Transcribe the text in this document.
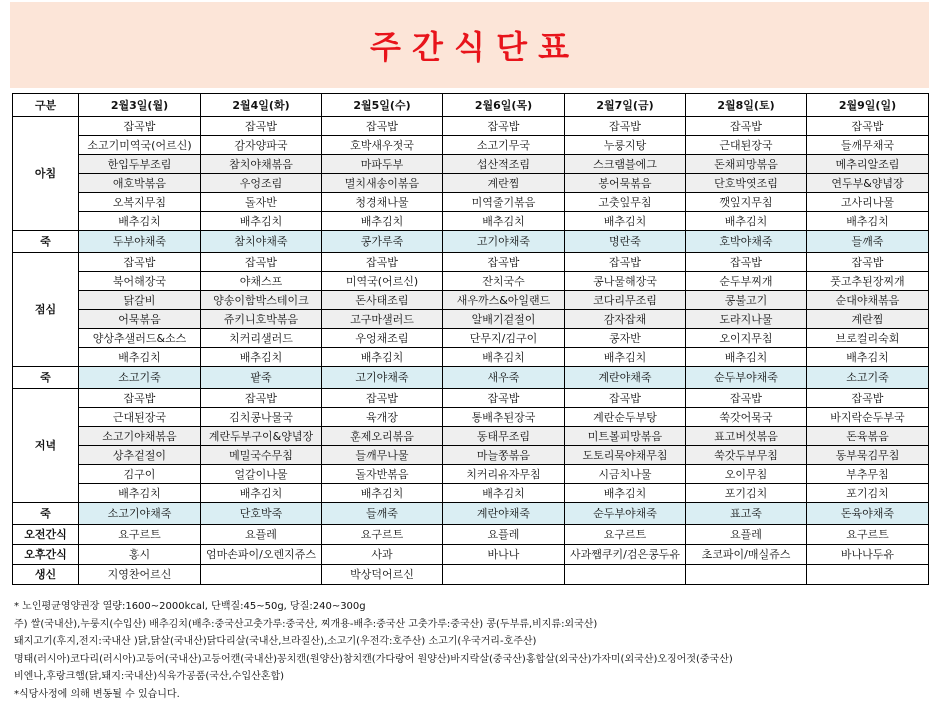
주 간 식 단 표
구분	2월3일(월)	2월4일(화)	2월5일(수)	2월6일(목)	2월7일(금)	2월8일(토)	2월9일(일)
아침	잡곡밥	잡곡밥	잡곡밥	잡곡밥	잡곡밥	잡곡밥	잡곡밥
	소고기미역국(어르신)	감자양파국	호박새우젓국	소고기무국	누룽지탕	근대된장국	들깨무채국
	한입두부조림	참치야채볶음	마파두부	섭산적조림	스크램블에그	돈채피망볶음	메추리알조림
	애호박볶음	우엉조림	멸치새송이볶음	계란찜	봉어묵볶음	단호박엿조림	연두부&양념장
	오복지무침	돌자반	청경채나물	미역줄기볶음	고춧잎무침	깻잎지무침	고사리나물
	배추김치	배추김치	배추김치	배추김치	배추김치	배추김치	배추김치
죽	두부야채죽	참치야채죽	콩가루죽	고기야채죽	명란죽	호박야채죽	들깨죽
점심	잡곡밥	잡곡밥	잡곡밥	잡곡밥	잡곡밥	잡곡밥	잡곡밥
	북어해장국	야채스프	미역국(어르신)	잔치국수	콩나물해장국	순두부찌개	풋고추된장찌개
	닭갈비	양송이함박스테이크	돈사태조림	새우까스&아일랜드	코다리무조림	콩불고기	순대야채볶음
	어묵볶음	쥬키니호박볶음	고구마샐러드	알배기겉절이	감자잡채	도라지나물	계란찜
	양상추샐러드&소스	치커리샐러드	우엉채조림	단무지/김구이	콩자반	오이지무침	브로컬리숙회
	배추김치	배추김치	배추김치	배추김치	배추김치	배추김치	배추김치
죽	소고기죽	팥죽	고기야채죽	새우죽	계란야채죽	순두부야채죽	소고기죽
저녁	잡곡밥	잡곡밥	잡곡밥	잡곡밥	잡곡밥	잡곡밥	잡곡밥
	근대된장국	김치콩나물국	육개장	통배추된장국	계란순두부탕	쑥갓어묵국	바지락순두부국
	소고기야채볶음	계란두부구이&양념장	훈제오리볶음	동태무조림	미트볼피망볶음	표고버섯볶음	돈육볶음
	상추겉절이	메밀국수무침	들깨무나물	마늘쫑볶음	도토리묵야채무침	쑥갓두부무침	동부묵김무침
	김구이	얼갈이나물	돌자반볶음	치커리유자무침	시금치나물	오이무침	부추무침
	배추김치	배추김치	배추김치	배추김치	배추김치	포기김치	포기김치
죽	소고기야채죽	단호박죽	들깨죽	계란야채죽	순두부야채죽	표고죽	돈육야채죽
오전간식	요구르트	요플레	요구르트	요플레	요구르트	요플레	요구르트
오후간식	홍시	엄마손파이/오렌지쥬스	사과	바나나	사과쨈쿠키/검은콩두유	초코파이/매실쥬스	바나나두유
생신	지영찬어르신		박상덕어르신				
* 노인평균영양권장 열량:1600~2000kcal, 단백질:45~50g, 당질:240~300g
주) 쌀(국내산),누룽지(수입산) 배추김치(배추:중국산고춧가루:중국산, 찌개용-배추:중국산 고춧가루:중국산) 콩(두부류,비지류:외국산)
돼지고기(후지,전지:국내산 )닭,닭살(국내산)닭다리살(국내산,브라질산),소고기(우전각:호주산) 소고기(우국거리-호주산)
명태(러시아)코다리(러시아)고등어(국내산)고등어캔(국내산)꽁치캔(원양산)참치캔(가다랑어 원양산)바지락살(중국산)홍합살(외국산)가자미(외국산)오징어젓(중국산)
비엔나,후랑크햄(닭,돼지:국내산)식육가공품(국산,수입산혼합)
*식당사정에 의해 변동될 수 있습니다.
